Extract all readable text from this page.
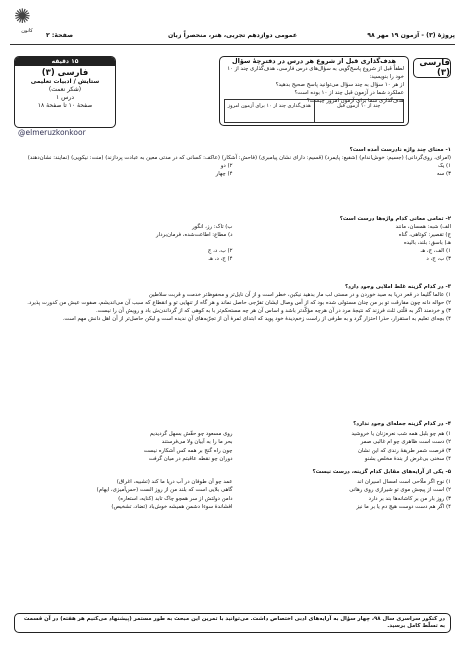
✺
کانون
پروژهٔ (۳) - آزمون ۱۹ مهر ۹۸
عمومی دوازدهم تجربی، هنر، منحصراً زبان
صفحهٔ: ۲
فارسی (۳)
هدف‌گذاری قبل از شروع هر درس در دفترچهٔ سؤال
لطفاً قبل از شروع پاسخ‌گویی به سؤال‌های درس فارسی، هدف‌گذاری چند از ۱۰ خود را بنویسید:
از هر ۱۰ سؤال به چند سؤال می‌توانید پاسخ صحیح بدهید؟
عملکرد شما در آزمون قبل چند از ۱۰ بوده است؟
هدف‌گذاری شما برای آزمون امروز چیست؟
چند از ۱۰ آزمون قبل
هدف‌گذاری چند از ۱۰ برای آزمون امروز
۱۵ دقیقه
فارسی (۳)
ستایش / ادبیات تعلیمی
(شکر نعمت)
درس ۱
صفحهٔ ۱۰ تا صفحهٔ ۱۸
@elmeruzkonkoor
۱- معنای چند واژه نادرست آمده است؟
(امرای، روی‌گردانی) (جسیم: خوش‌اندام) (شفیع: پایمرد) (قسیم: دارای نشان پیامبری) (فاحش: آشکار) (عاکف: کسانی که در مدتی معین به عبادت پردازند) (منت: نیکویی) (نمایند: نشان‌دهند)
۱) یک
۲) دو
۳) سه
۴) چهار
۲- تمامی معانی کدام واژه‌ها درست است؟
الف) شبه: همسان، مانند
ب) تاک: رز، انگور
ج) تقصیر: کوتاهی، گناه
د) مطاع: اطاعت‌شده، فرمان‌بردار
هـ) باسق: بلند، بالیده
۱) الف، ج، هـ
۲) ب، د، ج
۳) ب، ج، د
۴) ج، د، هـ
۳- در کدام گزینه غلط املایی وجود دارد؟
۱) عالما گلیما در قعر دریا به صید خوردن و در مستی لب مار بدهید نیکین، خطر است و از آن نایل‌تر و محفوظ‌تر خدمت و قربت سلاطین
۲) حواله دانه چون مفارقت تو بر من چنان مستولی شده بود که از آس وصال ایشان تفرّجی حاصل نماند و هر گاه از تنهایی تو و انقطاع که سبب آن می‌اندیشم، صفوت عیش من کدورت پذیرد.
۳) و خردمند اگر به قلّتی ثلث فرزند که نتیجهٔ مرد در آن هرچه مؤکّدتر باشد و اساس آن هر چه مستحکم‌تر با به کوهی که از گرداندن‌ش باد و رویش آن را نیست.
۴) بچه‌ای تعلیم به استقرار، حذرا احتزار گرد و به طرفی از راست زخم‌دیدهٔ خود پوید که ابتدای ثمرهٔ آن از تجرّبه‌های آنِ ندیده است و لیکن حاصل‌تر از آن اهل دانش مهم است.
۴- در کدام گزینه جمله‌ای وجود ندارد؟
۱) هم چو بلبل همه شب نعره‌زنان یا خروشید
روی مسعود چو حقّش بسهل گردیدیم
۲) دست است ظاهری چو ام غالبی صمر
بحر ما را به آبیان ولا می‌فرستند
۳) فرصت شمر طریقهٔ رندی که این نشان
چون راه گنج بر همه کس آشکاره نیست
۴) سخنی بی‌غرض از بندهٔ مخلص بشنو
دوران چو نقطه عاقبتم در میان گرفت
۵- یکی از آرایه‌های مقابل کدام گزینه، درست نیست؟
۱) نوح اگر ملّاحی است امسال اسیران اند
عمد چو آن طوفان در آب دریا ما کند (تشبیه، اغراق)
۲) است از پیچش موی تو شیرازی روی رهانی
گاهی بلایی است که بلند من از روز الست (حس‌آمیزی، ایهام)
۳) روز بار من بر کاشانه‌ها بند بر دارد
دامن دولتش از سر همچو چاک تابد (کنایه، استعاره)
۴) اگر هم دست دوست هیچ دم یا بر ما نیز
افشاندهٔ سوءا دشمن همیشه خوش‌باد (تضاد، تشخیص)
در کنکور سراسری سال ۹۸، چهار سؤال به آرایه‌های ادبی اختصاص داشت. می‌توانید با تمرین این مبحث به طور مستمر (پیشنهاد می‌کنیم هر هفته) در آن قسمت به تسلّط کامل برسید.
